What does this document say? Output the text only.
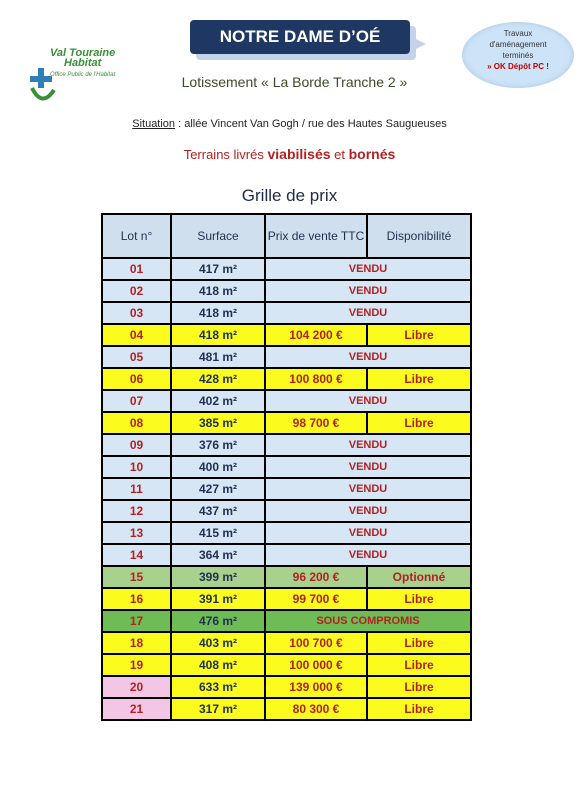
Val Touraine
Habitat
Office Public de l'Habitat
NOTRE DAME D’OÉ	Travaux
d'aménagement
terminés
» OK Dépôt PC !
Lotissement « La Borde Tranche 2 »
Situation : allée Vincent Van Gogh / rue des Hautes Saugueuses
Terrains livrés viabilisés et bornés
Grille de prix
Lot n°	Surface	Prix de vente TTC	Disponibilité
01	417 m²	VENDU	
02	418 m²	VENDU	
03	418 m²	VENDU	
04	418 m²	104 200 €	Libre
05	481 m²	VENDU	
06	428 m²	100 800 €	Libre
07	402 m²	VENDU	
08	385 m²	98 700 €	Libre
09	376 m²	VENDU	
10	400 m²	VENDU	
11	427 m²	VENDU	
12	437 m²	VENDU	
13	415 m²	VENDU	
14	364 m²	VENDU	
15	399 m²	96 200 €	Optionné
16	391 m²	99 700 €	Libre
17	476 m²	SOUS COMPROMIS	
18	403 m²	100 700 €	Libre
19	408 m²	100 000 €	Libre
20	633 m²	139 000 €	Libre
21	317 m²	80 300 €	Libre
